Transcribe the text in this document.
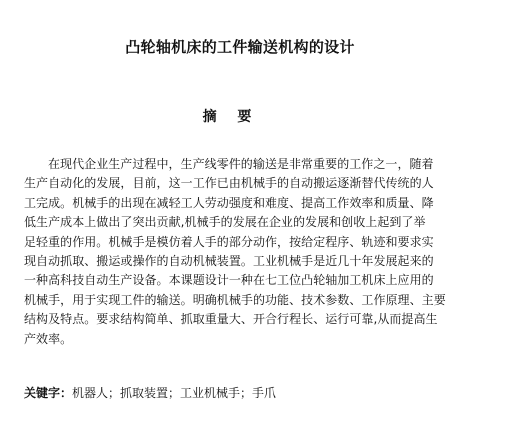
凸轮轴机床的工件输送机构的设计
摘 要
在现代企业生产过程中，生产线零件的输送是非常重要的工作之一，随着
生产自动化的发展，目前，这一工作已由机械手的自动搬运逐渐替代传统的人
工完成。机械手的出现在减轻工人劳动强度和难度、提高工作效率和质量、降
低生产成本上做出了突出贡献,机械手的发展在企业的发展和创收上起到了举
足轻重的作用。机械手是模仿着人手的部分动作，按给定程序、轨迹和要求实
现自动抓取、搬运或操作的自动机械装置。工业机械手是近几十年发展起来的
一种高科技自动生产设备。本课题设计一种在七工位凸轮轴加工机床上应用的
机械手，用于实现工件的输送。明确机械手的功能、技术参数、工作原理、主要
结构及特点。要求结构简单、抓取重量大、开合行程长、运行可靠,从而提高生
产效率。
关键字：机器人；抓取装置；工业机械手；手爪
